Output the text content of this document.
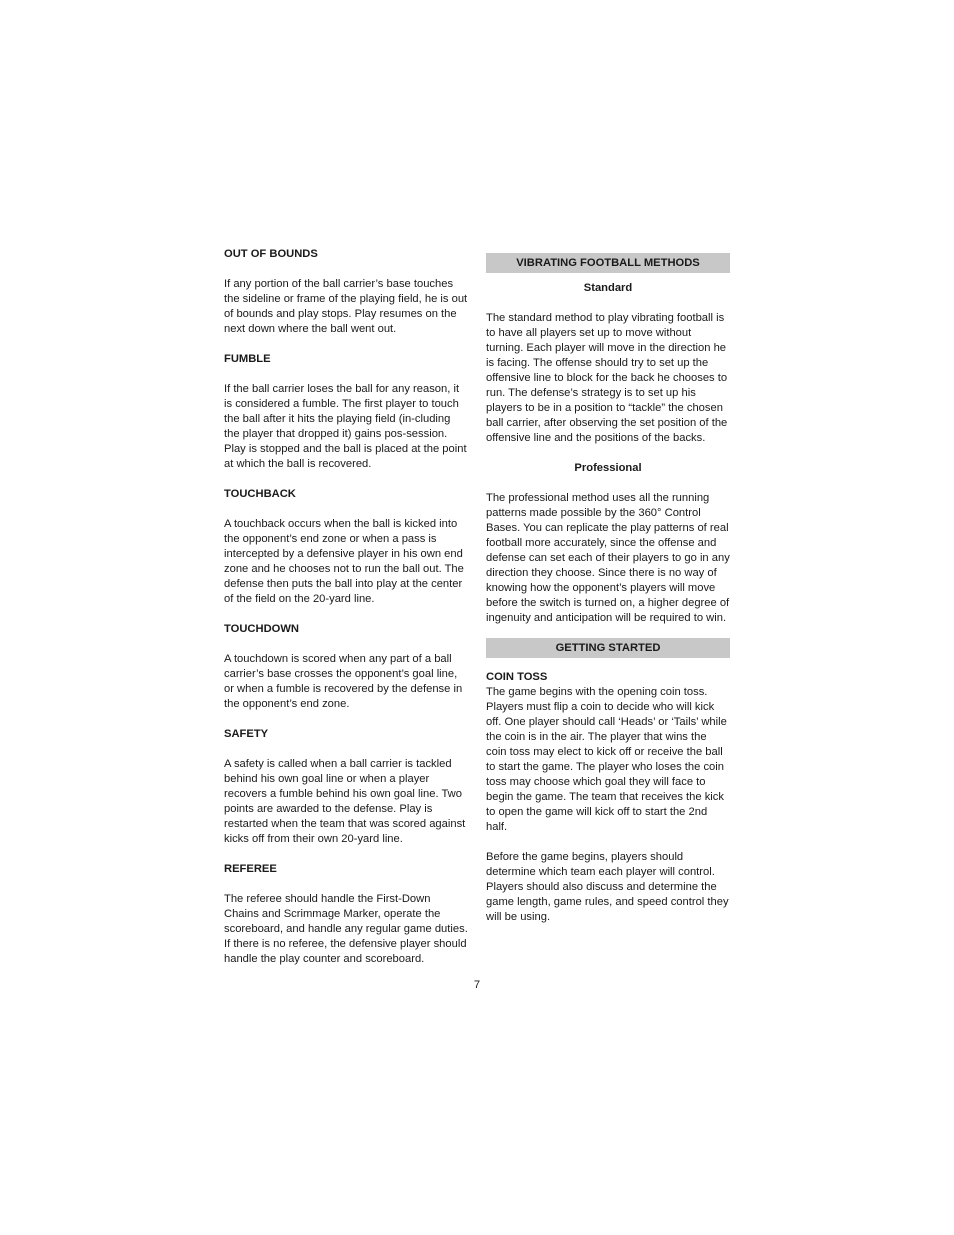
OUT OF BOUNDS
If any portion of the ball carrier’s base touches the sideline or frame of the playing field, he is out of bounds and play stops. Play resumes on the next down where the ball went out.
FUMBLE
If the ball carrier loses the ball for any reason, it is considered a fumble. The first player to touch the ball after it hits the playing field (in-cluding the player that dropped it) gains pos-session. Play is stopped and the ball is placed at the point at which the ball is recovered.
TOUCHBACK
A touchback occurs when the ball is kicked into the opponent’s end zone or when a pass is intercepted by a defensive player in his own end zone and he chooses not to run the ball out. The defense then puts the ball into play at the center of the field on the 20-yard line.
TOUCHDOWN
A touchdown is scored when any part of a ball carrier’s base crosses the opponent’s goal line, or when a fumble is recovered by the defense in the opponent’s end zone.
SAFETY
A safety is called when a ball carrier is tackled behind his own goal line or when a player recovers a fumble behind his own goal line. Two points are awarded to the defense. Play is restarted when the team that was scored against kicks off from their own 20-yard line.
REFEREE
The referee should handle the First-Down Chains and Scrimmage Marker, operate the scoreboard, and handle any regular game duties. If there is no referee, the defensive player should handle the play counter and scoreboard.
VIBRATING FOOTBALL METHODS
Standard
The standard method to play vibrating football is to have all players set up to move without turning. Each player will move in the direction he is facing. The offense should try to set up the offensive line to block for the back he chooses to run. The defense’s strategy is to set up his players to be in a position to “tackle” the chosen ball carrier, after observing the set position of the offensive line and the positions of the backs.
Professional
The professional method uses all the running patterns made possible by the 360° Control Bases. You can replicate the play patterns of real football more accurately, since the offense and defense can set each of their players to go in any direction they choose. Since there is no way of knowing how the opponent’s players will move before the switch is turned on, a higher degree of ingenuity and anticipation will be required to win.
GETTING STARTED
COIN TOSS
The game begins with the opening coin toss. Players must flip a coin to decide who will kick off. One player should call ‘Heads’ or ‘Tails’ while the coin is in the air. The player that wins the coin toss may elect to kick off or receive the ball to start the game. The player who loses the coin toss may choose which goal they will face to begin the game. The team that receives the kick to open the game will kick off to start the 2nd half.
Before the game begins, players should determine which team each player will control. Players should also discuss and determine the game length, game rules, and speed control they will be using.
7
